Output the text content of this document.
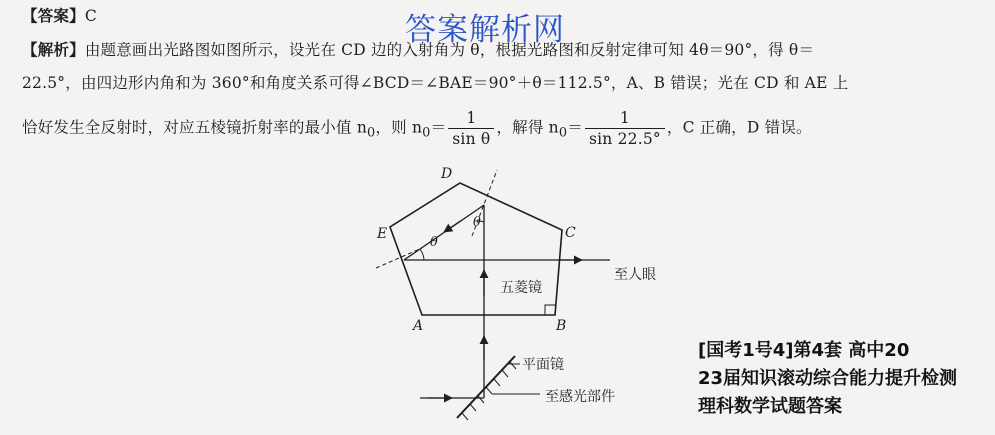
【答案】C	答案解析网
【解析】由题意画出光路图如图所示，设光在 CD 边的入射角为 θ，根据光路图和反射定律可知 4θ＝90°，得 θ＝
22.5°，由四边形内角和为 360°和角度关系可得∠BCD＝∠BAE＝90°＋θ＝112.5°，A、B 错误；光在 CD 和 AE 上
恰好发生全反射时，对应五棱镜折射率的最小值 $n_0$，则 $n_0= \frac{1}{\text{sin θ}}$ ，解得 $n_0= \frac{1}{\sin 22.5^\circ}$ ，C 正确，D 错误。
D
C
E
A	B
θ
θ
五菱镜
至人眼
平面镜
至感光部件
[国考1号4]第4套 高中20
23届知识滚动综合能力提升检测
理科数学试题答案
